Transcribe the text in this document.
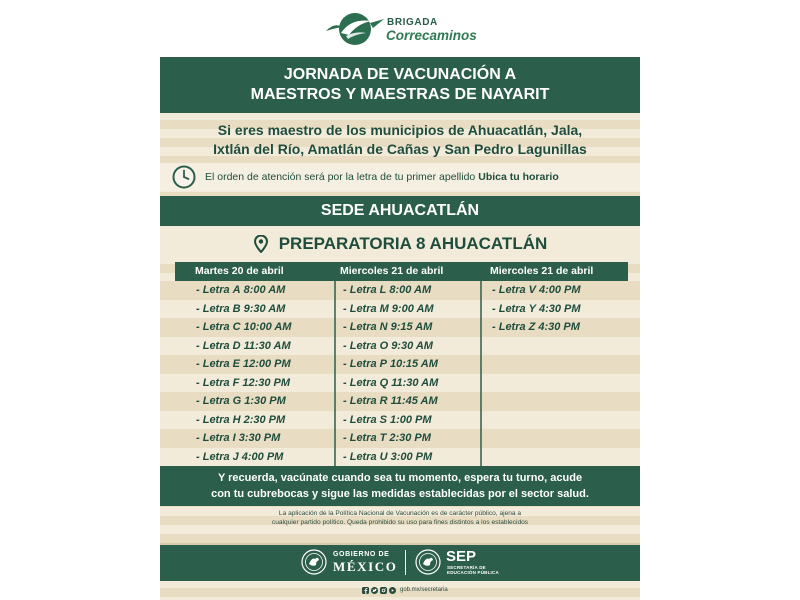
BRIGADA
Correcaminos
JORNADA DE VACUNACIÓN A
MAESTROS Y MAESTRAS DE NAYARIT
Si eres maestro de los municipios de Ahuacatlán, Jala,
Ixtlán del Río, Amatlán de Cañas y San Pedro Lagunillas
El orden de atención será por la letra de tu primer apellido Ubica tu horario
SEDE AHUACATLÁN
PREPARATORIA 8 AHUACATLÁN
Martes 20 de abril	Miercoles 21 de abril	Miercoles 21 de abril
- Letra A 8:00 AM	- Letra L 8:00 AM	- Letra V 4:00 PM
- Letra B 9:30 AM	- Letra M 9:00 AM	- Letra Y 4:30 PM
- Letra C 10:00 AM	- Letra N 9:15 AM	- Letra Z 4:30 PM
- Letra D 11:30 AM	- Letra O 9:30 AM
- Letra E 12:00 PM	- Letra P 10:15 AM
- Letra F 12:30 PM	- Letra Q 11:30 AM
- Letra G 1:30 PM	- Letra R 11:45 AM
- Letra H 2:30 PM	- Letra S 1:00 PM
- Letra I 3:30 PM	- Letra T 2:30 PM
- Letra J 4:00 PM	- Letra U 3:00 PM
Y recuerda, vacúnate cuando sea tu momento, espera tu turno, acude
con tu cubrebocas y sigue las medidas establecidas por el sector salud.
La aplicación de la Política Nacional de Vacunación es de carácter público, ajena a
cualquier partido político. Queda prohibido su uso para fines distintos a los establecidos
GOBIERNO DE
MÉXICO
SEP
SECRETARÍA DE
EDUCACIÓN PÚBLICA
gob.mx/secretaria
